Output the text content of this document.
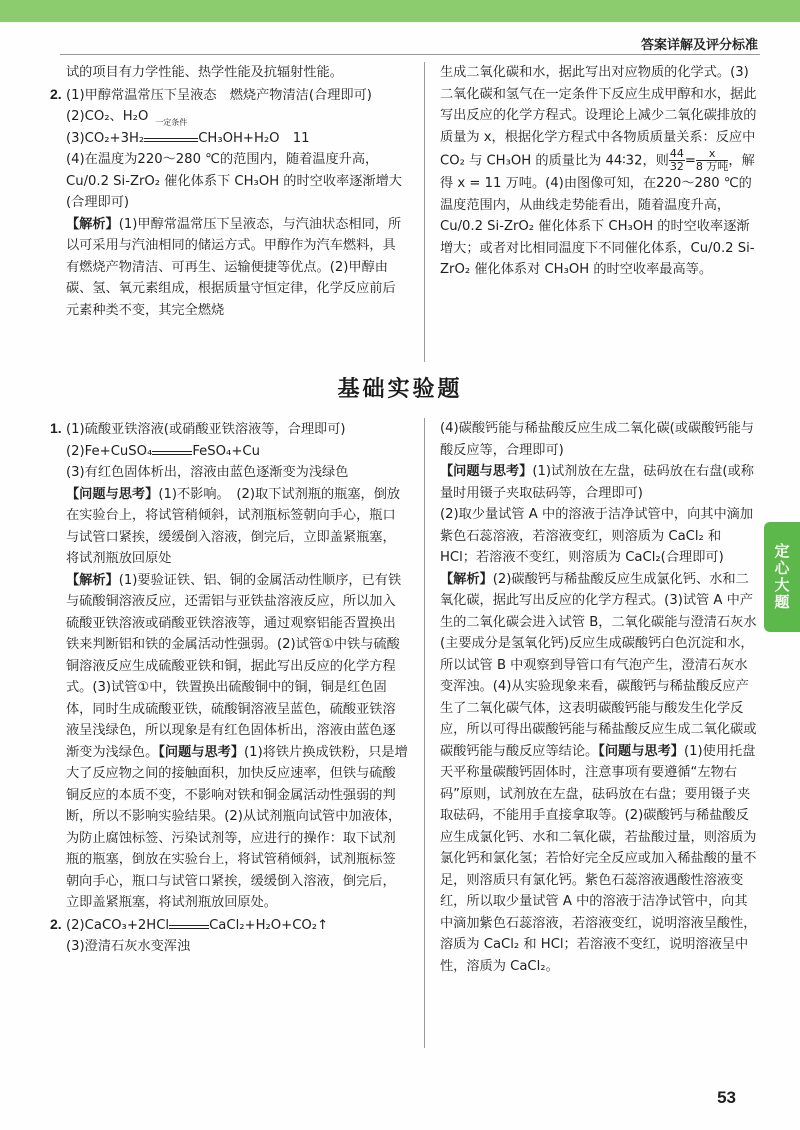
答案详解及评分标准

试的项目有力学性能、热学性能及抗辐射性能。

2. (1)甲醇常温常压下呈液态　燃烧产物清洁(合理即可)

(2)CO₂、H₂O

(3)CO₂+3H₂
一定条件
CH₃OH+H₂O　11

(4)在温度为220～280 ℃的范围内，随着温度升高，Cu/0.2 Si-ZrO₂ 催化体系下 CH₃OH 的时空收率逐渐增大(合理即可)

【解析】(1)甲醇常温常压下呈液态，与汽油状态相同，所以可采用与汽油相同的储运方式。甲醇作为汽车燃料，具有燃烧产物清洁、可再生、运输便捷等优点。(2)甲醇由碳、氢、氧元素组成，根据质量守恒定律，化学反应前后元素种类不变，其完全燃烧

生成二氧化碳和水，据此写出对应物质的化学式。(3)二氧化碳和氢气在一定条件下反应生成甲醇和水，据此写出反应的化学方程式。设理论上减少二氧化碳排放的质量为 x，根据化学方程式中各物质质量关系：反应中 CO₂ 与 CH₃OH 的质量比为 44∶32，则 $\frac{44}{32} = \frac{x}{\text{8 万吨}}$ ，解得 x = 11 万吨。(4)由图像可知，在220～280 ℃的温度范围内，从曲线走势能看出，随着温度升高，Cu/0.2 Si-ZrO₂ 催化体系下 CH₃OH 的时空收率逐渐增大；或者对比相同温度下不同催化体系，Cu/0.2 Si-ZrO₂ 催化体系对 CH₃OH 的时空收率最高等。

基础实验题

1. (1)硫酸亚铁溶液(或硝酸亚铁溶液等，合理即可)

(2)Fe+CuSO₄	FeSO₄+Cu

(3)有红色固体析出，溶液由蓝色逐渐变为浅绿色

【问题与思考】(1)不影响。　(2)取下试剂瓶的瓶塞，倒放在实验台上，将试管稍倾斜，试剂瓶标签朝向手心，瓶口与试管口紧挨，缓缓倒入溶液，倒完后，立即盖紧瓶塞，将试剂瓶放回原处

【解析】(1)要验证铁、铝、铜的金属活动性顺序，已有铁与硫酸铜溶液反应，还需铝与亚铁盐溶液反应，所以加入硫酸亚铁溶液或硝酸亚铁溶液等，通过观察铝能否置换出铁来判断铝和铁的金属活动性强弱。(2)试管①中铁与硫酸铜溶液反应生成硫酸亚铁和铜，据此写出反应的化学方程式。(3)试管①中，铁置换出硫酸铜中的铜，铜是红色固体，同时生成硫酸亚铁，硫酸铜溶液呈蓝色，硫酸亚铁溶液呈浅绿色，所以现象是有红色固体析出，溶液由蓝色逐渐变为浅绿色。【问题与思考】(1)将铁片换成铁粉，只是增大了反应物之间的接触面积，加快反应速率，但铁与硫酸铜反应的本质不变，不影响对铁和铜金属活动性强弱的判断，所以不影响实验结果。(2)从试剂瓶向试管中加液体，为防止腐蚀标签、污染试剂等，应进行的操作：取下试剂瓶的瓶塞，倒放在实验台上，将试管稍倾斜，试剂瓶标签朝向手心，瓶口与试管口紧挨，缓缓倒入溶液，倒完后，立即盖紧瓶塞，将试剂瓶放回原处。

2. (2)CaCO₃+2HCl	CaCl₂+H₂O+CO₂↑

(3)澄清石灰水变浑浊

(4)碳酸钙能与稀盐酸反应生成二氧化碳(或碳酸钙能与酸反应等，合理即可)

【问题与思考】(1)试剂放在左盘，砝码放在右盘(或称量时用镊子夹取砝码等，合理即可)

(2)取少量试管 A 中的溶液于洁净试管中，向其中滴加紫色石蕊溶液，若溶液变红，则溶质为 CaCl₂ 和 HCl；若溶液不变红，则溶质为 CaCl₂(合理即可)

【解析】(2)碳酸钙与稀盐酸反应生成氯化钙、水和二氧化碳，据此写出反应的化学方程式。(3)试管 A 中产生的二氧化碳会进入试管 B，二氧化碳能与澄清石灰水(主要成分是氢氧化钙)反应生成碳酸钙白色沉淀和水，所以试管 B 中观察到导管口有气泡产生，澄清石灰水变浑浊。(4)从实验现象来看，碳酸钙与稀盐酸反应产生了二氧化碳气体，这表明碳酸钙能与酸发生化学反应，所以可得出碳酸钙能与稀盐酸反应生成二氧化碳或碳酸钙能与酸反应等结论。【问题与思考】(1)使用托盘天平称量碳酸钙固体时，注意事项有要遵循“左物右码”原则，试剂放在左盘，砝码放在右盘；要用镊子夹取砝码，不能用手直接拿取等。(2)碳酸钙与稀盐酸反应生成氯化钙、水和二氧化碳，若盐酸过量，则溶质为氯化钙和氯化氢；若恰好完全反应或加入稀盐酸的量不足，则溶质只有氯化钙。紫色石蕊溶液遇酸性溶液变红，所以取少量试管 A 中的溶液于洁净试管中，向其中滴加紫色石蕊溶液，若溶液变红，说明溶液呈酸性，溶质为 CaCl₂ 和 HCl；若溶液不变红，说明溶液呈中性，溶质为 CaCl₂。

定心大题
53
